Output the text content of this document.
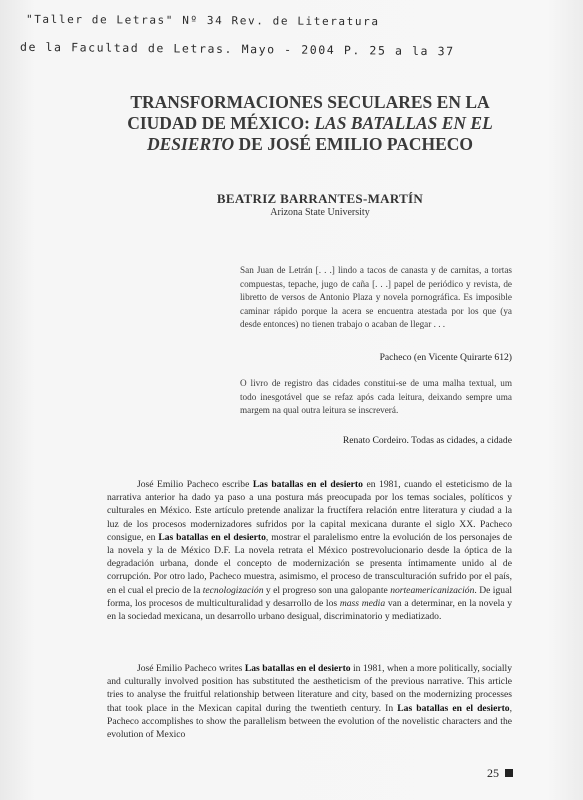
"Taller de Letras" Nº 34 Rev. de Literatura
de la Facultad de Letras. Mayo - 2004 P. 25 a la 37
TRANSFORMACIONES SECULARES EN LA CIUDAD DE MÉXICO: LAS BATALLAS EN EL DESIERTO DE JOSÉ EMILIO PACHECO
BEATRIZ BARRANTES-MARTÍN
Arizona State University
San Juan de Letrán [. . .] lindo a tacos de canasta y de carnitas, a tortas compuestas, tepache, jugo de caña [. . .] papel de periódico y revista, de libretto de versos de Antonio Plaza y novela pornográfica. Es imposible caminar rápido porque la acera se encuentra atestada por los que (ya desde entonces) no tienen trabajo o acaban de llegar . . .
Pacheco (en Vicente Quirarte 612)
O livro de registro das cidades constitui-se de uma malha textual, um todo inesgotável que se refaz após cada leitura, deixando sempre uma margem na qual outra leitura se inscreverá.
Renato Cordeiro. Todas as cidades, a cidade

José Emilio Pacheco escribe Las batallas en el desierto en 1981, cuando el esteticismo de la narrativa anterior ha dado ya paso a una postura más preocupada por los temas sociales, políticos y culturales en México. Este artículo pretende analizar la fructífera relación entre literatura y ciudad a la luz de los procesos modernizadores sufridos por la capital mexicana durante el siglo XX. Pacheco consigue, en Las batallas en el desierto, mostrar el paralelismo entre la evolución de los personajes de la novela y la de México D.F. La novela retrata el México postrevolucionario desde la óptica de la degradación urbana, donde el concepto de modernización se presenta íntimamente unido al de corrupción. Por otro lado, Pacheco muestra, asimismo, el proceso de transculturación sufrido por el país, en el cual el precio de la tecnologización y el progreso son una galopante norteamericanización. De igual forma, los procesos de multiculturalidad y desarrollo de los mass media van a determinar, en la novela y en la sociedad mexicana, un desarrollo urbano desigual, discriminatorio y mediatizado.

José Emilio Pacheco writes Las batallas en el desierto in 1981, when a more politically, socially and culturally involved position has substituted the aestheticism of the previous narrative. This article tries to analyse the fruitful relationship between literature and city, based on the modernizing processes that took place in the Mexican capital during the twentieth century. In Las batallas en el desierto, Pacheco accomplishes to show the parallelism between the evolution of the novelistic characters and the evolution of Mexico

25
